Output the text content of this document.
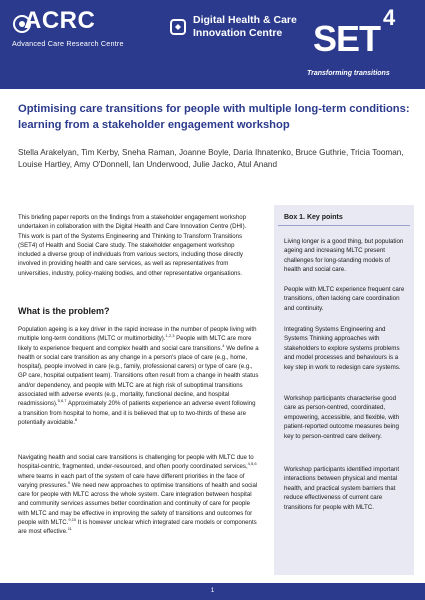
ACRC
Advanced Care Research Centre
Digital Health & Care
Innovation Centre SET
4
Transforming transitions
Optimising care transitions for people with multiple long-term conditions: learning from a stakeholder engagement workshop
Stella Arakelyan, Tim Kerby, Sneha Raman, Joanne Boyle, Daria Ihnatenko, Bruce Guthrie, Tricia Tooman, Louise Hartley, Amy O'Donnell, Ian Underwood, Julie Jacko, Atul Anand
This briefing paper reports on the findings from a stakeholder engagement workshop undertaken in collaboration with the Digital Health and Care Innovation Centre (DHI). This work is part of the Systems Engineering and Thinking to Transform Transitions (SET4) of Health and Social Care study. The stakeholder engagement workshop included a diverse group of individuals from various sectors, including those directly involved in providing health and care services, as well as representatives from universities, industry, policy-making bodies, and other representative organisations.
What is the problem?
Population ageing is a key driver in the rapid increase in the number of people living with multiple long-term conditions (MLTC or multimorbidity).$^{1,2,3}$ People with MLTC are more likely to experience frequent and complex health and social care transitions.$^4$ We define a health or social care transition as any change in a person's place of care (e.g., home, hospital), people involved in care (e.g., family, professional carers) or type of care (e.g., GP care, hospital outpatient team). Transitions often result from a change in health status and/or dependency, and people with MLTC are at high risk of suboptimal transitions associated with adverse events (e.g., mortality, functional decline, and hospital readmissions).$^{5,6,7}$ Approximately 20% of patients experience an adverse event following a transition from hospital to home, and it is believed that up to two-thirds of these are potentially avoidable.$^8$
Navigating health and social care transitions is challenging for people with MLTC due to hospital-centric, fragmented, under-resourced, and often poorly coordinated services,$^{4,5,6}$ where teams in each part of the system of care have different priorities in the face of varying pressures.$^9$ We need new approaches to optimise transitions of health and social care for people with MLTC across the whole system. Care integration between hospital and community services assumes better coordination and continuity of care for people with MLTC and may be effective in improving the safety of transitions and outcomes for people with MLTC.$^{9,10}$ It is however unclear which integrated care models or components are most effective.$^{11}$
Box 1. Key points
Living longer is a good thing, but population ageing and increasing MLTC present challenges for long-standing models of health and social care.
People with MLTC experience frequent care transitions, often lacking care coordination and continuity.
Integrating Systems Engineering and Systems Thinking approaches with stakeholders to explore systems problems and model processes and behaviours is a key step in work to redesign care systems.
Workshop participants characterise good care as person-centred, coordinated, empowering, accessible, and flexible, with patient-reported outcome measures being key to person-centred care delivery.
Workshop participants identified important interactions between physical and mental health, and practical system barriers that reduce effectiveness of current care transitions for people with MLTC.
1
